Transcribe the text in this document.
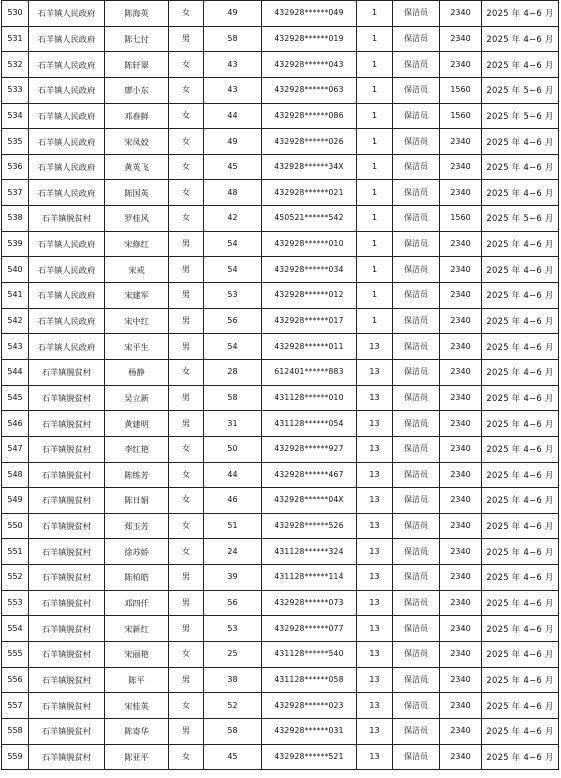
530	石羊镇人民政府	陈海英	女	49	432928******049	1	保洁员	2340	2025 年 4−6 月
531	石羊镇人民政府	陈七付	男	58	432928******019	1	保洁员	2340	2025 年 4−6 月
532	石羊镇人民政府	陈轩翠	女	43	432928******043	1	保洁员	2340	2025 年 4−6 月
533	石羊镇人民政府	廖小东	女	43	432928******063	1	保洁员	1560	2025 年 5−6 月
534	石羊镇人民政府	邓春鲜	女	44	432928******086	1	保洁员	1560	2025 年 5−6 月
535	石羊镇人民政府	宋凤姣	女	49	432928******026	1	保洁员	2340	2025 年 4−6 月
536	石羊镇人民政府	黄英飞	女	45	432928******34X	1	保洁员	2340	2025 年 4−6 月
537	石羊镇人民政府	陈国英	女	48	432928******021	1	保洁员	2340	2025 年 4−6 月
538	石羊镇脱贫村	罗桂风	女	42	450521******542	1	保洁员	1560	2025 年 5−6 月
539	石羊镇人民政府	宋修红	男	54	432928******010	1	保洁员	2340	2025 年 4−6 月
540	石羊镇人民政府	宋戒	男	54	432928******034	1	保洁员	2340	2025 年 4−6 月
541	石羊镇人民政府	宋建军	男	53	432928******012	1	保洁员	2340	2025 年 4−6 月
542	石羊镇人民政府	宋中红	男	56	432928******017	1	保洁员	2340	2025 年 4−6 月
543	石羊镇人民政府	宋平生	男	54	432928******011	13	保洁员	2340	2025 年 4−6 月
544	石羊镇脱贫村	杨静	女	28	612401******883	13	保洁员	2340	2025 年 4−6 月
545	石羊镇脱贫村	吴立新	男	58	431128******010	13	保洁员	2340	2025 年 4−6 月
546	石羊镇脱贫村	黄建明	男	31	431128******054	13	保洁员	2340	2025 年 4−6 月
547	石羊镇脱贫村	李红艳	女	50	432928******927	13	保洁员	2340	2025 年 4−6 月
548	石羊镇脱贫村	陈练芳	女	44	432928******467	13	保洁员	2340	2025 年 4−6 月
549	石羊镇脱贫村	陈日娟	女	46	432928******04X	13	保洁员	2340	2025 年 4−6 月
550	石羊镇脱贫村	郑玉芳	女	51	432928******526	13	保洁员	2340	2025 年 4−6 月
551	石羊镇脱贫村	徐苏娇	女	24	431128******324	13	保洁员	2340	2025 年 4−6 月
552	石羊镇脱贫村	陈柏皓	男	39	431128******114	13	保洁员	2340	2025 年 4−6 月
553	石羊镇脱贫村	邓四仟	男	56	432928******073	13	保洁员	2340	2025 年 4−6 月
554	石羊镇脱贫村	宋新红	男	53	432928******077	13	保洁员	2340	2025 年 4−6 月
555	石羊镇脱贫村	宋丽艳	女	25	431128******540	13	保洁员	2340	2025 年 4−6 月
556	石羊镇脱贫村	陈平	男	38	431128******058	13	保洁员	2340	2025 年 4−6 月
557	石羊镇脱贫村	宋桂英	女	52	432928******023	13	保洁员	2340	2025 年 4−6 月
558	石羊镇脱贫村	陈寄华	男	58	432928******031	13	保洁员	2340	2025 年 4−6 月
559	石羊镇脱贫村	陈亚平	女	45	432928******521	13	保洁员	2340	2025 年 4−6 月
